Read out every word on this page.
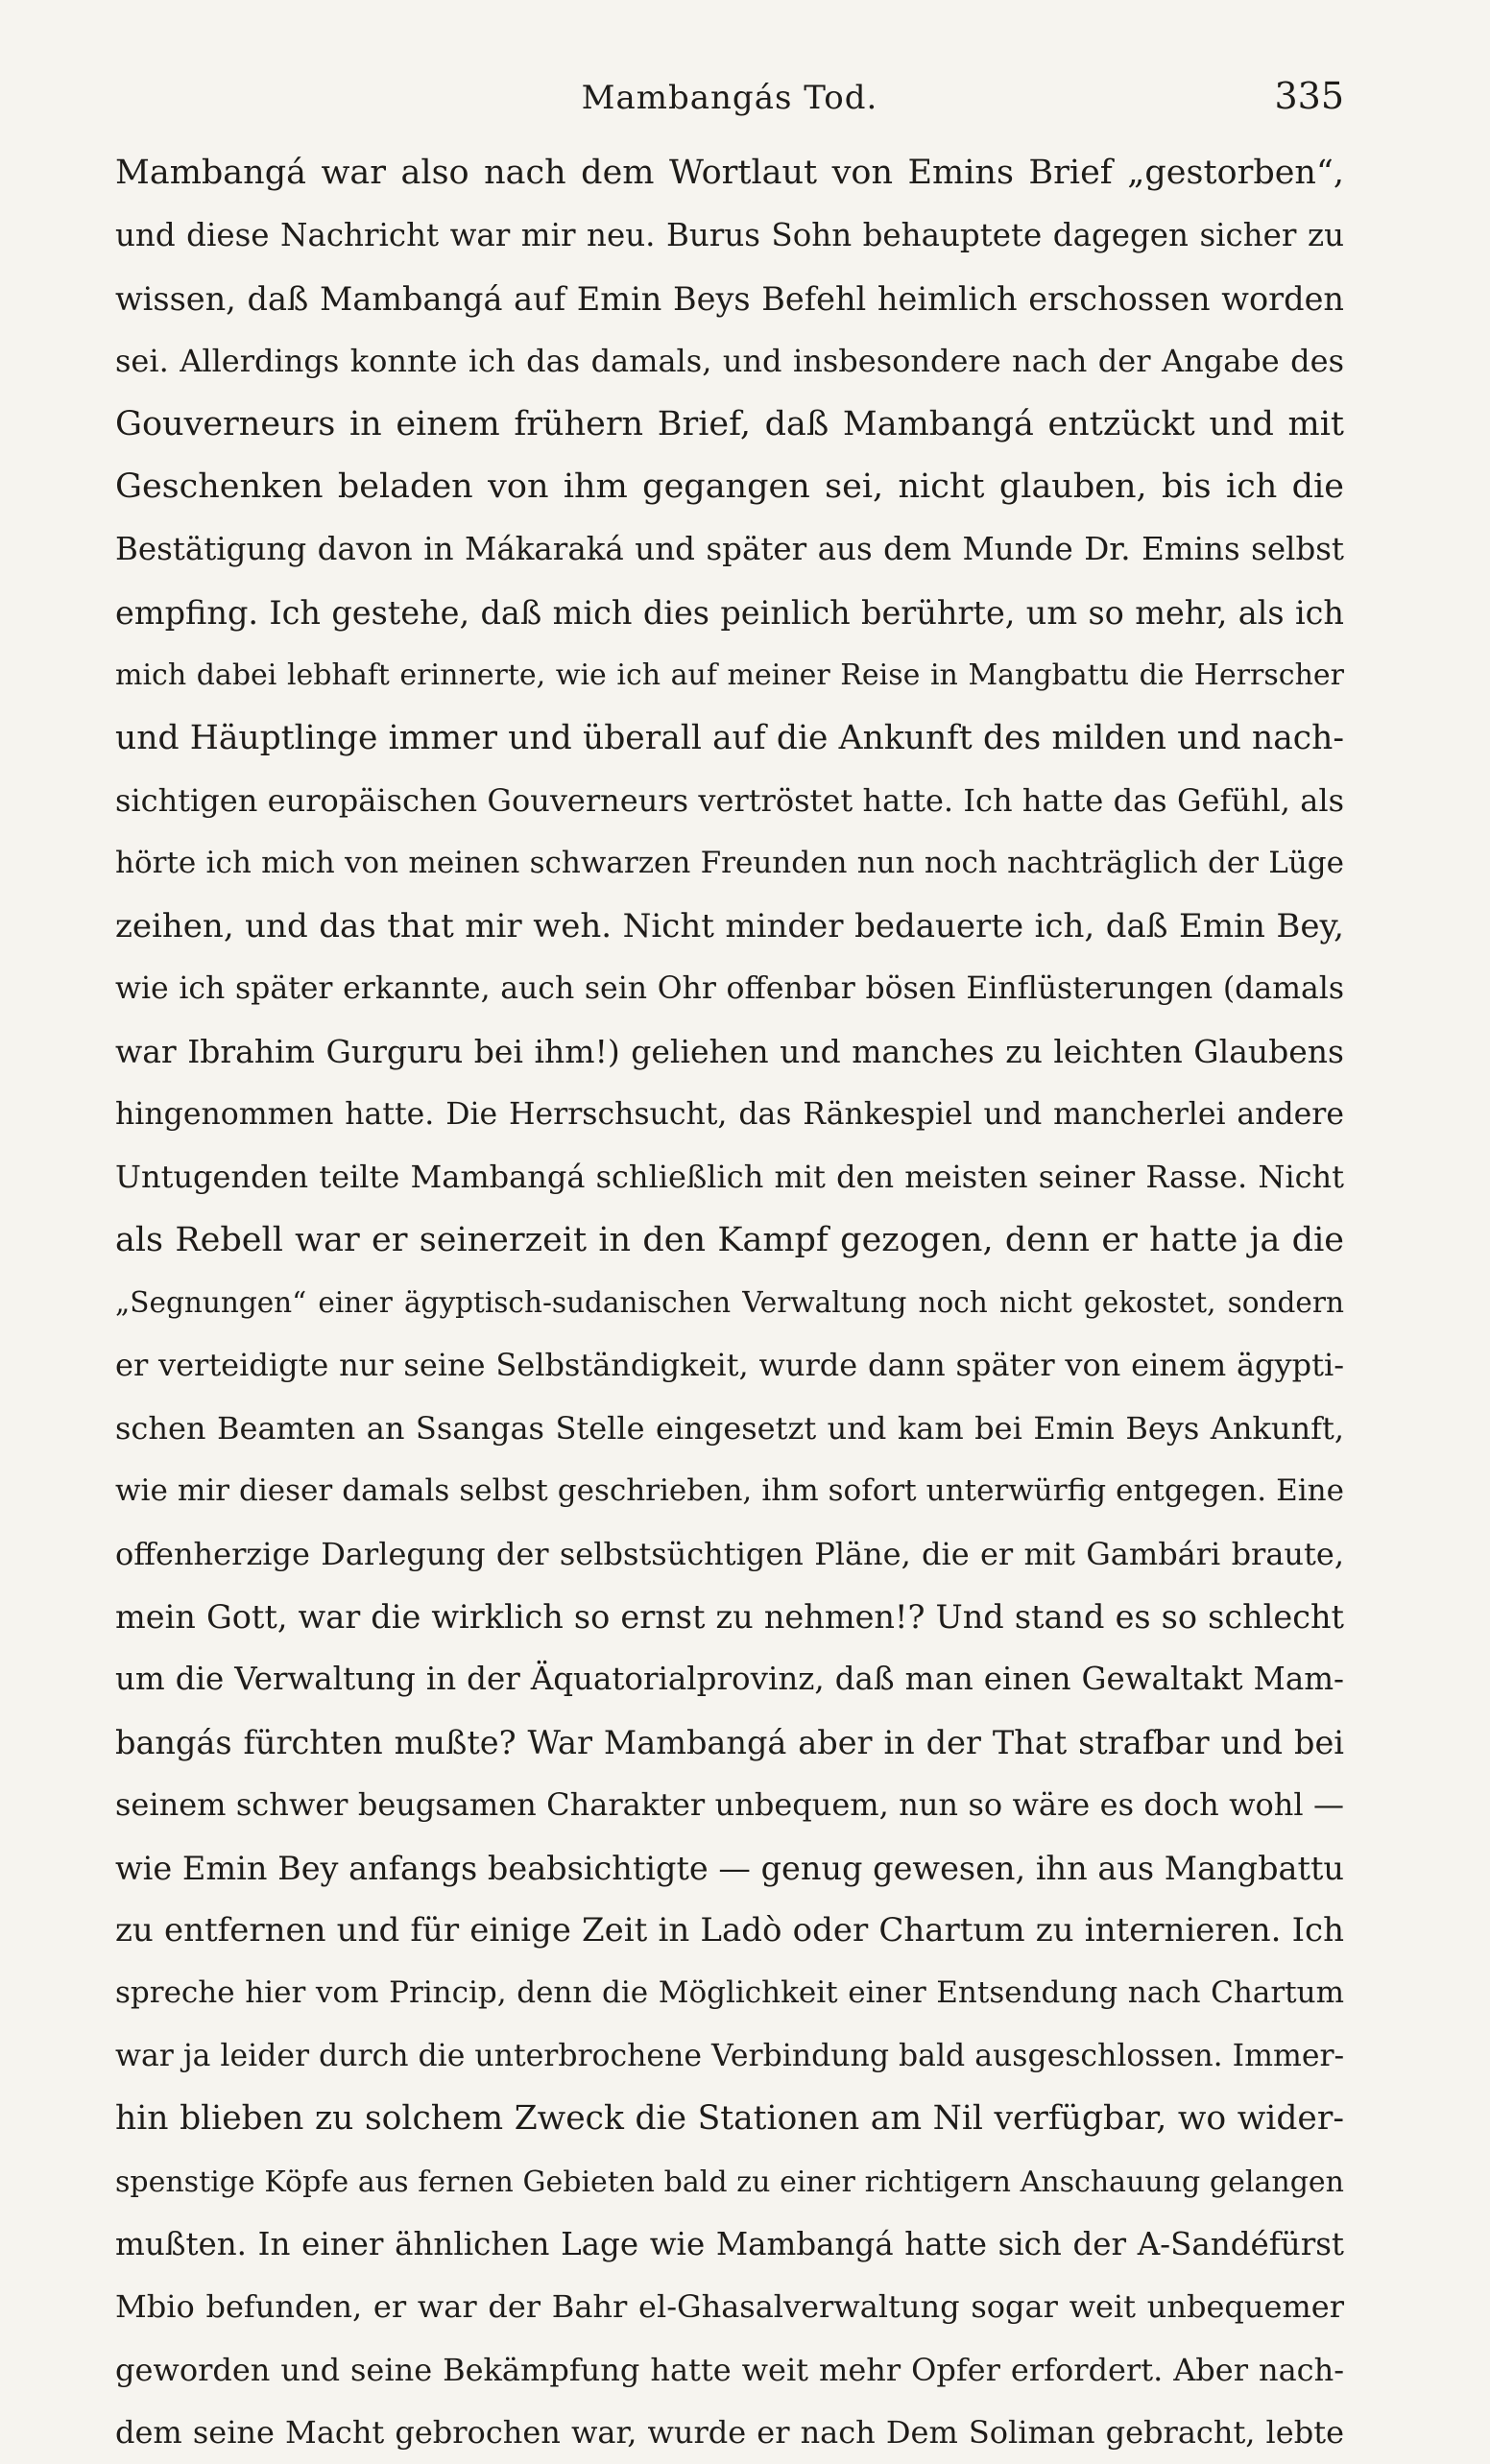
Mambangás Tod.	335
Mambangá war also nach dem Wortlaut von Emins Brief „gestorben“,
und diese Nachricht war mir neu. Burus Sohn behauptete dagegen sicher zu
wissen, daß Mambangá auf Emin Beys Befehl heimlich erschossen worden
sei. Allerdings konnte ich das damals, und insbesondere nach der Angabe des
Gouverneurs in einem frühern Brief, daß Mambangá entzückt und mit
Geschenken beladen von ihm gegangen sei, nicht glauben, bis ich die
Bestätigung davon in Mákaraká und später aus dem Munde Dr. Emins selbst
empfing. Ich gestehe, daß mich dies peinlich berührte, um so mehr, als ich
mich dabei lebhaft erinnerte, wie ich auf meiner Reise in Mangbattu die Herrscher
und Häuptlinge immer und überall auf die Ankunft des milden und nach-
sichtigen europäischen Gouverneurs vertröstet hatte. Ich hatte das Gefühl, als
hörte ich mich von meinen schwarzen Freunden nun noch nachträglich der Lüge
zeihen, und das that mir weh. Nicht minder bedauerte ich, daß Emin Bey,
wie ich später erkannte, auch sein Ohr offenbar bösen Einflüsterungen (damals
war Ibrahim Gurguru bei ihm!) geliehen und manches zu leichten Glaubens
hingenommen hatte. Die Herrschsucht, das Ränkespiel und mancherlei andere
Untugenden teilte Mambangá schließlich mit den meisten seiner Rasse. Nicht
als Rebell war er seinerzeit in den Kampf gezogen, denn er hatte ja die
„Segnungen“ einer ägyptisch-sudanischen Verwaltung noch nicht gekostet, sondern
er verteidigte nur seine Selbständigkeit, wurde dann später von einem ägypti-
schen Beamten an Ssangas Stelle eingesetzt und kam bei Emin Beys Ankunft,
wie mir dieser damals selbst geschrieben, ihm sofort unterwürfig entgegen. Eine
offenherzige Darlegung der selbstsüchtigen Pläne, die er mit Gambári braute,
mein Gott, war die wirklich so ernst zu nehmen!? Und stand es so schlecht
um die Verwaltung in der Äquatorialprovinz, daß man einen Gewaltakt Mam-
bangás fürchten mußte? War Mambangá aber in der That strafbar und bei
seinem schwer beugsamen Charakter unbequem, nun so wäre es doch wohl —
wie Emin Bey anfangs beabsichtigte — genug gewesen, ihn aus Mangbattu
zu entfernen und für einige Zeit in Ladò oder Chartum zu internieren. Ich
spreche hier vom Princip, denn die Möglichkeit einer Entsendung nach Chartum
war ja leider durch die unterbrochene Verbindung bald ausgeschlossen. Immer-
hin blieben zu solchem Zweck die Stationen am Nil verfügbar, wo wider-
spenstige Köpfe aus fernen Gebieten bald zu einer richtigern Anschauung gelangen
mußten. In einer ähnlichen Lage wie Mambangá hatte sich der A-Sandéfürst
Mbio befunden, er war der Bahr el-Ghasalverwaltung sogar weit unbequemer
geworden und seine Bekämpfung hatte weit mehr Opfer erfordert. Aber nach-
dem seine Macht gebrochen war, wurde er nach Dem Soliman gebracht, lebte
